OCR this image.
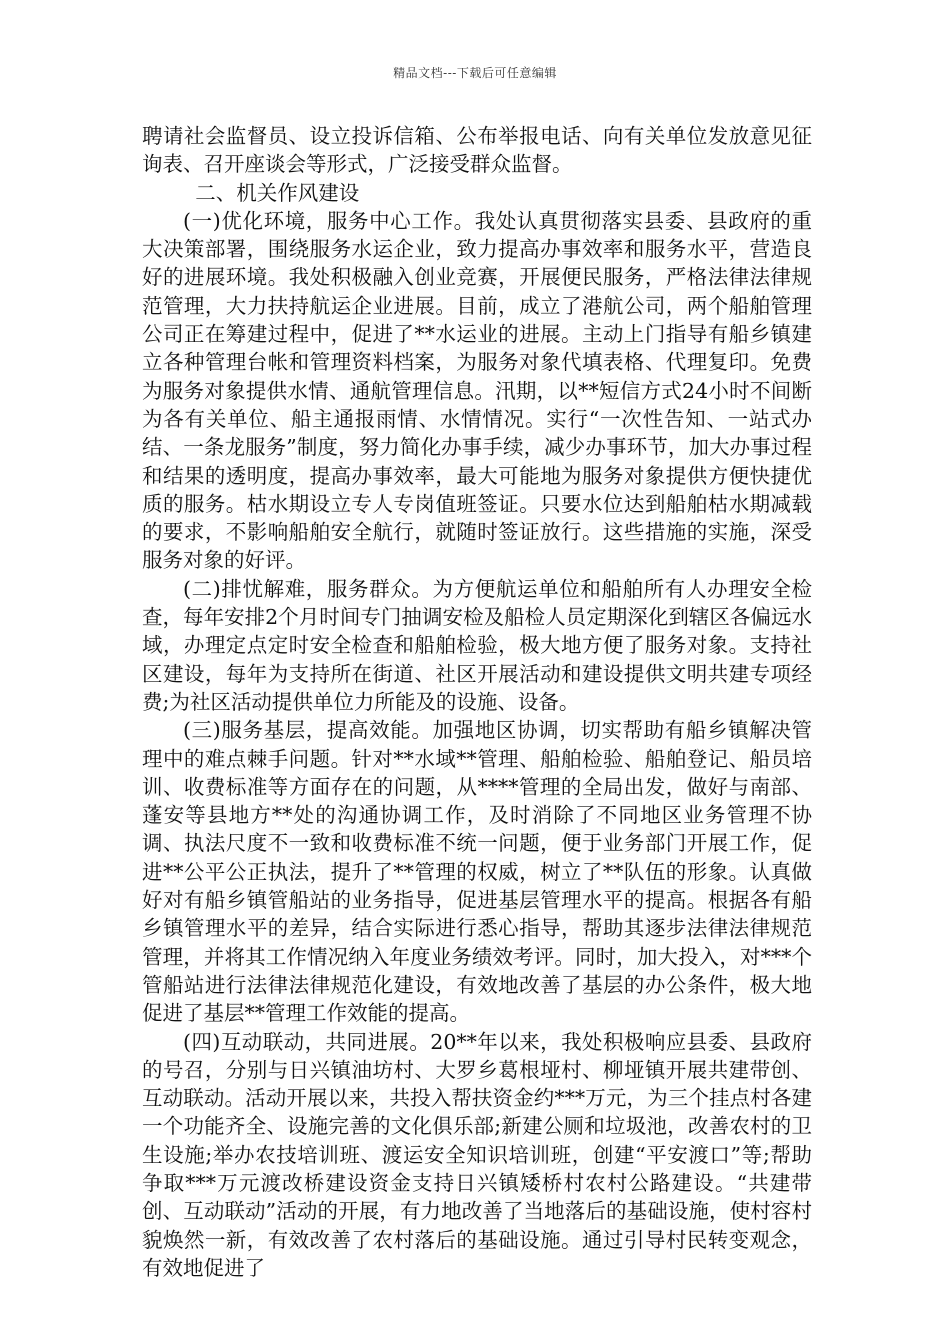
精品文档---下载后可任意编辑

聘请社会监督员、设立投诉信箱、公布举报电话、向有关单位发放意见征询表、召开座谈会等形式，广泛接受群众监督。

二、机关作风建设

(一)优化环境，服务中心工作。我处认真贯彻落实县委、县政府的重大决策部署，围绕服务水运企业，致力提高办事效率和服务水平，营造良好的进展环境。我处积极融入创业竞赛，开展便民服务，严格法律法律规范管理，大力扶持航运企业进展。目前，成立了港航公司，两个船舶管理公司正在筹建过程中，促进了**水运业的进展。主动上门指导有船乡镇建立各种管理台帐和管理资料档案，为服务对象代填表格、代理复印。免费为服务对象提供水情、通航管理信息。汛期，以**短信方式24小时不间断为各有关单位、船主通报雨情、水情情况。实行“一次性告知、一站式办结、一条龙服务”制度，努力简化办事手续，减少办事环节，加大办事过程和结果的透明度，提高办事效率，最大可能地为服务对象提供方便快捷优质的服务。枯水期设立专人专岗值班签证。只要水位达到船舶枯水期减载的要求，不影响船舶安全航行，就随时签证放行。这些措施的实施，深受服务对象的好评。

(二)排忧解难，服务群众。为方便航运单位和船舶所有人办理安全检查，每年安排2个月时间专门抽调安检及船检人员定期深化到辖区各偏远水域，办理定点定时安全检查和船舶检验，极大地方便了服务对象。支持社区建设，每年为支持所在街道、社区开展活动和建设提供文明共建专项经费;为社区活动提供单位力所能及的设施、设备。

(三)服务基层，提高效能。加强地区协调，切实帮助有船乡镇解决管理中的难点棘手问题。针对**水域**管理、船舶检验、船舶登记、船员培训、收费标准等方面存在的问题，从****管理的全局出发，做好与南部、蓬安等县地方**处的沟通协调工作，及时消除了不同地区业务管理不协调、执法尺度不一致和收费标准不统一问题，便于业务部门开展工作，促进**公平公正执法，提升了**管理的权威，树立了**队伍的形象。认真做好对有船乡镇管船站的业务指导，促进基层管理水平的提高。根据各有船乡镇管理水平的差异，结合实际进行悉心指导，帮助其逐步法律法律规范管理，并将其工作情况纳入年度业务绩效考评。同时，加大投入，对***个管船站进行法律法律规范化建设，有效地改善了基层的办公条件，极大地促进了基层**管理工作效能的提高。

(四)互动联动，共同进展。20**年以来，我处积极响应县委、县政府的号召，分别与日兴镇油坊村、大罗乡葛根垭村、柳垭镇开展共建带创、互动联动。活动开展以来，共投入帮扶资金约***万元，为三个挂点村各建一个功能齐全、设施完善的文化俱乐部;新建公厕和垃圾池，改善农村的卫生设施;举办农技培训班、渡运安全知识培训班，创建“平安渡口”等;帮助争取***万元渡改桥建设资金支持日兴镇矮桥村农村公路建设。“共建带创、互动联动”活动的开展，有力地改善了当地落后的基础设施，使村容村貌焕然一新，有效改善了农村落后的基础设施。通过引导村民转变观念，有效地促进了
